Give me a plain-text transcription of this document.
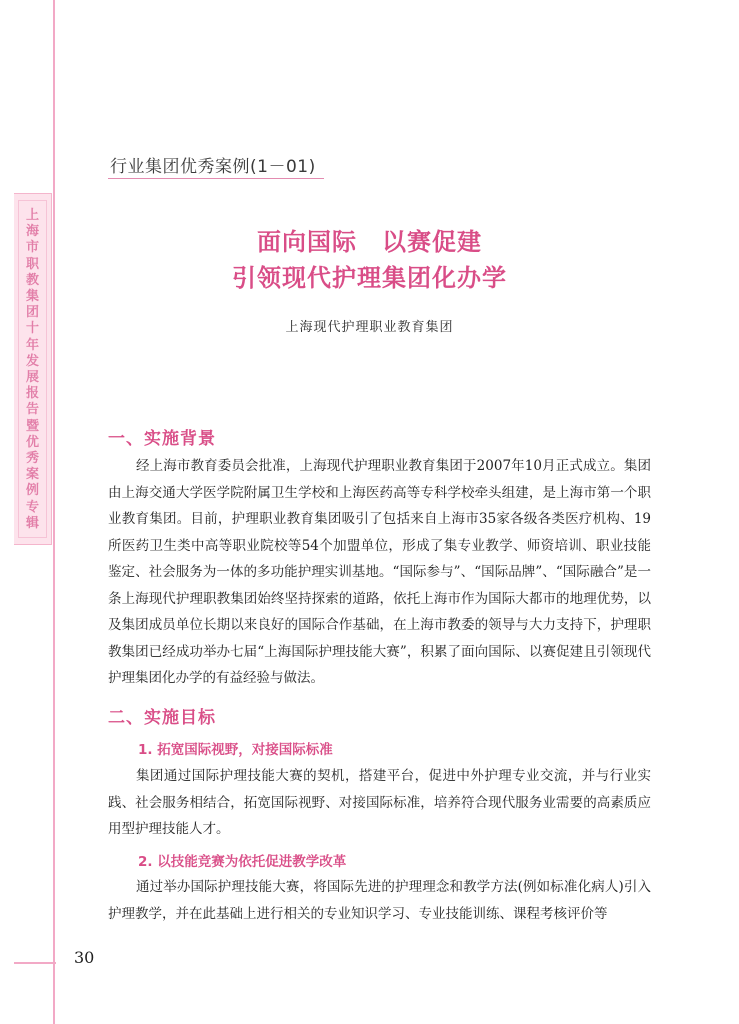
上
海
市
职
教
集
团
十
年
发
展
报
告
暨
优
秀
案
例
专
辑
行业集团优秀案例(1－01)
面向国际　以赛促建
引领现代护理集团化办学
上海现代护理职业教育集团
一、实施背景

经上海市教育委员会批准，上海现代护理职业教育集团于2007年10月正式成立。集团由上海交通大学医学院附属卫生学校和上海医药高等专科学校牵头组建，是上海市第一个职业教育集团。目前，护理职业教育集团吸引了包括来自上海市35家各级各类医疗机构、19所医药卫生类中高等职业院校等54个加盟单位，形成了集专业教学、师资培训、职业技能鉴定、社会服务为一体的多功能护理实训基地。“国际参与”、“国际品牌”、“国际融合”是一条上海现代护理职教集团始终坚持探索的道路，依托上海市作为国际大都市的地理优势，以及集团成员单位长期以来良好的国际合作基础，在上海市教委的领导与大力支持下，护理职教集团已经成功举办七届“上海国际护理技能大赛”，积累了面向国际、以赛促建且引领现代护理集团化办学的有益经验与做法。

二、实施目标
1. 拓宽国际视野，对接国际标准

集团通过国际护理技能大赛的契机，搭建平台，促进中外护理专业交流，并与行业实践、社会服务相结合，拓宽国际视野、对接国际标准，培养符合现代服务业需要的高素质应用型护理技能人才。

2. 以技能竞赛为依托促进教学改革

通过举办国际护理技能大赛，将国际先进的护理理念和教学方法(例如标准化病人)引入护理教学，并在此基础上进行相关的专业知识学习、专业技能训练、课程考核评价等

30
